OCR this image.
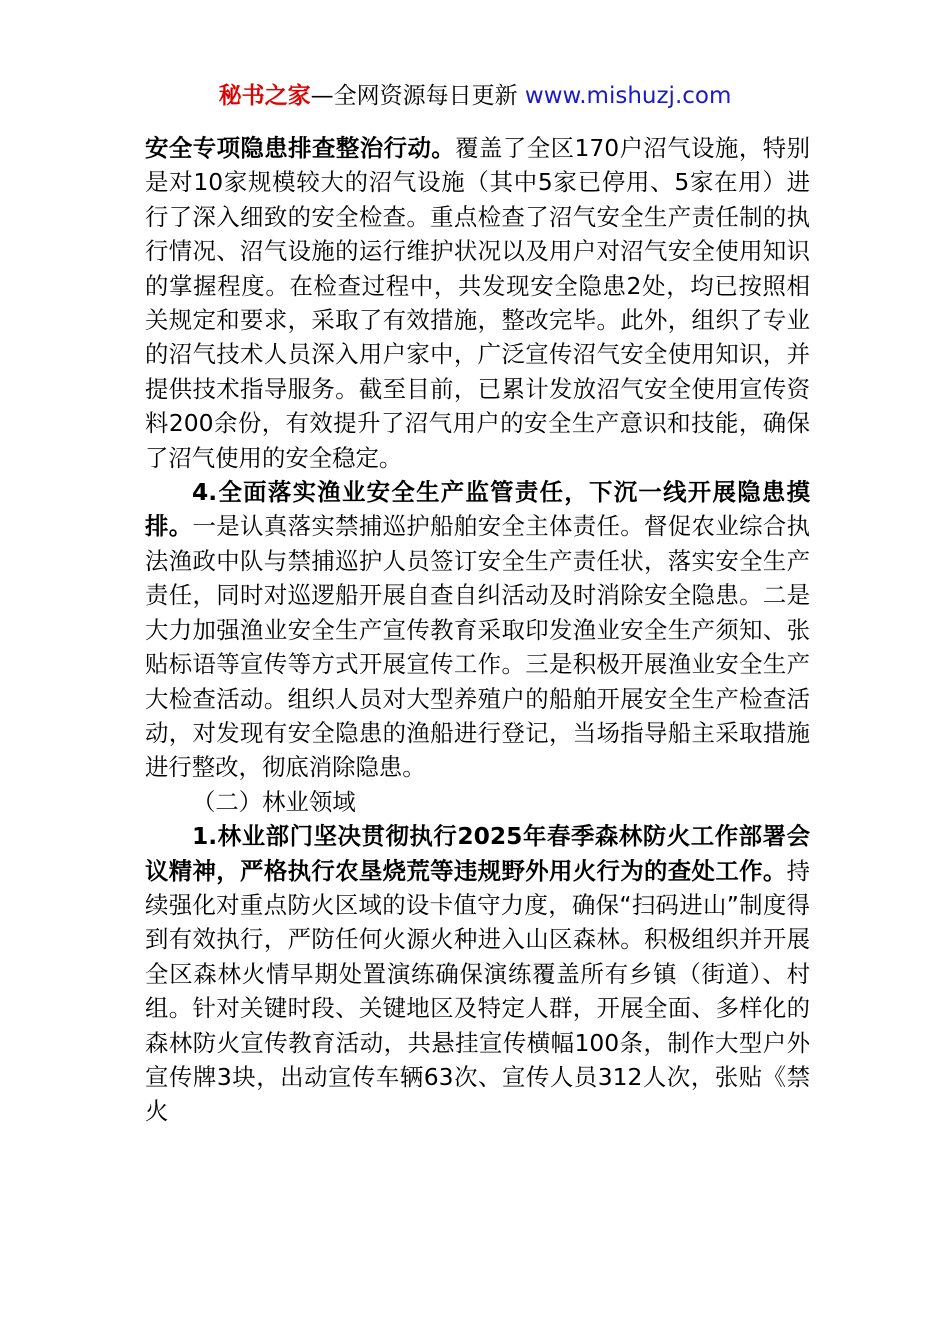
秘书之家—全网资源每日更新 www.mishuzj.com

安全专项隐患排查整治行动。覆盖了全区170户沼气设施，特别是对10家规模较大的沼气设施（其中5家已停用、5家在用）进行了深入细致的安全检查。重点检查了沼气安全生产责任制的执行情况、沼气设施的运行维护状况以及用户对沼气安全使用知识的掌握程度。在检查过程中，共发现安全隐患2处，均已按照相关规定和要求，采取了有效措施，整改完毕。此外，组织了专业的沼气技术人员深入用户家中，广泛宣传沼气安全使用知识，并提供技术指导服务。截至目前，已累计发放沼气安全使用宣传资料200余份，有效提升了沼气用户的安全生产意识和技能，确保了沼气使用的安全稳定。

4.全面落实渔业安全生产监管责任，下沉一线开展隐患摸排。一是认真落实禁捕巡护船舶安全主体责任。督促农业综合执法渔政中队与禁捕巡护人员签订安全生产责任状，落实安全生产责任，同时对巡逻船开展自查自纠活动及时消除安全隐患。二是大力加强渔业安全生产宣传教育采取印发渔业安全生产须知、张贴标语等宣传等方式开展宣传工作。三是积极开展渔业安全生产大检查活动。组织人员对大型养殖户的船舶开展安全生产检查活动，对发现有安全隐患的渔船进行登记，当场指导船主采取措施进行整改，彻底消除隐患。

（二）林业领域

1.林业部门坚决贯彻执行2025年春季森林防火工作部署会议精神，严格执行农垦烧荒等违规野外用火行为的查处工作。持续强化对重点防火区域的设卡值守力度，确保“扫码进山”制度得到有效执行，严防任何火源火种进入山区森林。积极组织并开展全区森林火情早期处置演练确保演练覆盖所有乡镇（街道）、村组。针对关键时段、关键地区及特定人群，开展全面、多样化的森林防火宣传教育活动，共悬挂宣传横幅100条，制作大型户外宣传牌3块，出动宣传车辆63次、宣传人员312人次，张贴《禁火
